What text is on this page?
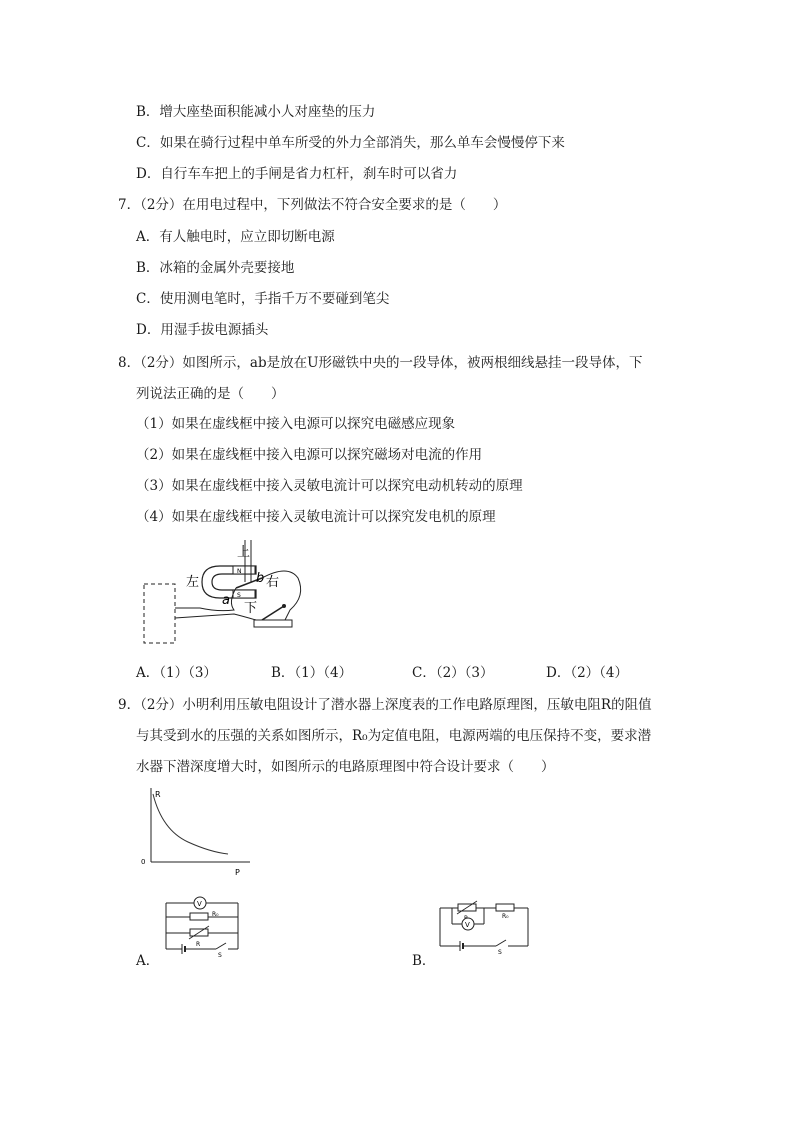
B．增大座垫面积能减小人对座垫的压力
C．如果在骑行过程中单车所受的外力全部消失，那么单车会慢慢停下来
D．自行车车把上的手闸是省力杠杆，刹车时可以省力
7．（2分）在用电过程中，下列做法不符合安全要求的是（　　）
A．有人触电时，应立即切断电源
B．冰箱的金属外壳要接地
C．使用测电笔时，手指千万不要碰到笔尖
D．用湿手拔电源插头
8．（2分）如图所示，ab是放在U形磁铁中央的一段导体，被两根细线悬挂一段导体，下
列说法正确的是（　　）
（1）如果在虚线框中接入电源可以探究电磁感应现象
（2）如果在虚线框中接入电源可以探究磁场对电流的作用
（3）如果在虚线框中接入灵敏电流计可以探究电动机转动的原理
（4）如果在虚线框中接入灵敏电流计可以探究发电机的原理
N
S
左	右
上
下
a
b
A．（1）（3）	B．（1）（4）	C．（2）（3）	D．（2）（4）
9．（2分）小明利用压敏电阻设计了潜水器上深度表的工作电路原理图，压敏电阻R的阻值
与其受到水的压强的关系如图所示，R₀为定值电阻，电源两端的电压保持不变，要求潜
水器下潜深度增大时，如图所示的电路原理图中符合设计要求（　　）
R
0
P
A．
V
R₀
R
S	B．
R₀
V
S
